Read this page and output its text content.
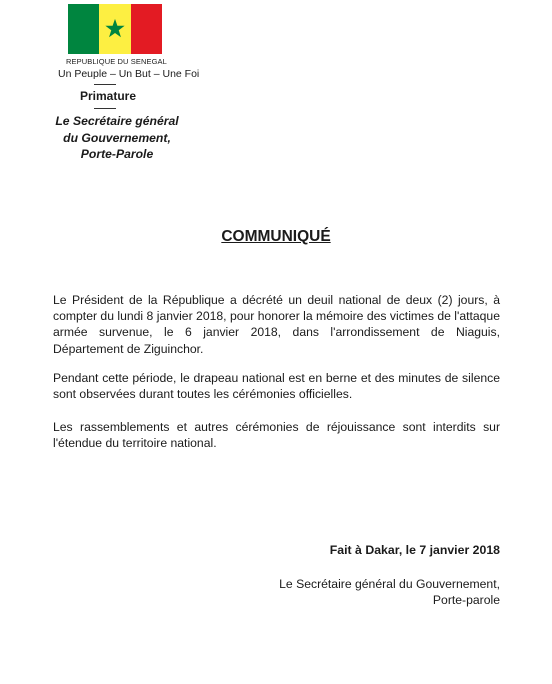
REPUBLIQUE DU SENEGAL
Un Peuple – Un But – Une Foi
Primature
Le Secrétaire général
du Gouvernement,
Porte-Parole
COMMUNIQUÉ

Le Président de la République a décrété un deuil national de deux (2) jours, à compter du lundi 8 janvier 2018, pour honorer la mémoire des victimes de l'attaque armée survenue, le 6 janvier 2018, dans l'arrondissement de Niaguis, Département de Ziguinchor.

Pendant cette période, le drapeau national est en berne et des minutes de silence sont observées durant toutes les cérémonies officielles.

Les rassemblements et autres cérémonies de réjouissance sont interdits sur l'étendue du territoire national.

Fait à Dakar, le 7 janvier 2018
Le Secrétaire général du Gouvernement,
Porte-parole
